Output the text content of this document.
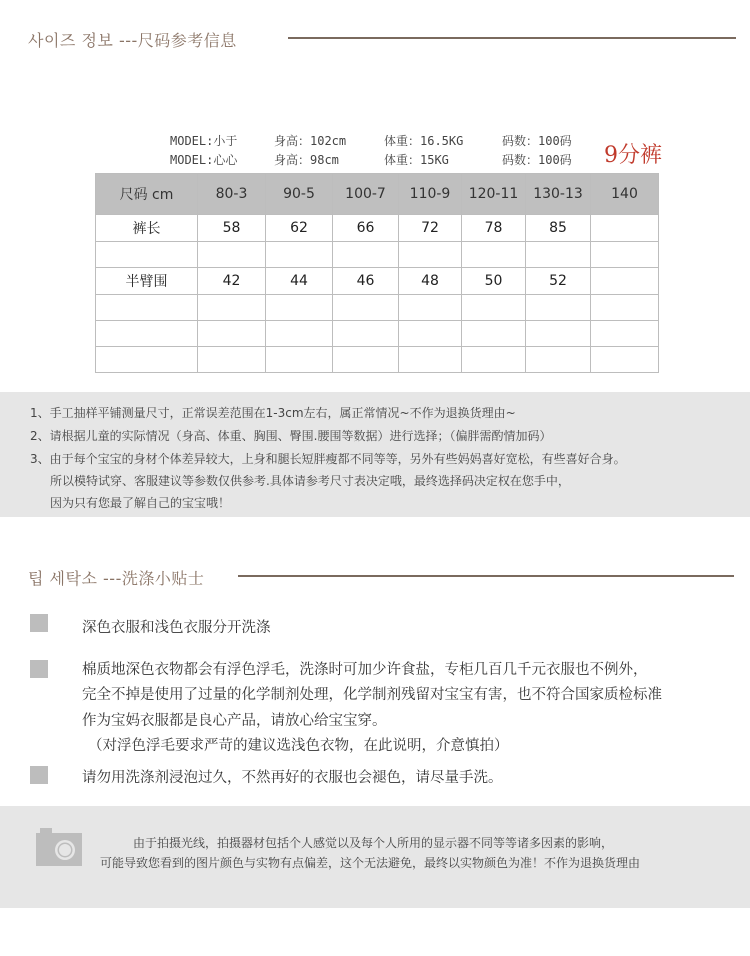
사이즈 정보 ---尺码参考信息
MODEL:小于	身高：102cm	体重：16.5KG	码数：100码
MODEL:心心	身高：98cm	体重：15KG	码数：100码 9分裤
尺码 cm	80-3	90-5	100-7	110-9	120-11	130-13	140
裤长	58	62	66	72	78	85	

半臂围	42	44	46	48	50	52	

1、手工抽样平铺测量尺寸，正常误差范围在1-3cm左右，属正常情况~不作为退换货理由~

2、请根据儿童的实际情况（身高、体重、胸围、臀围.腰围等数据）进行选择；（偏胖需酌情加码）

3、由于每个宝宝的身材个体差异较大，上身和腿长短胖瘦都不同等等，另外有些妈妈喜好宽松，有些喜好合身。

所以模特试穿、客服建议等参数仅供参考.具体请参考尺寸表决定哦，最终选择码决定权在您手中，

因为只有您最了解自己的宝宝哦！

팁 세탁소 ---洗涤小贴士
深色衣服和浅色衣服分开洗涤
棉质地深色衣物都会有浮色浮毛，洗涤时可加少许食盐，专柜几百几千元衣服也不例外，
完全不掉是使用了过量的化学制剂处理，化学制剂残留对宝宝有害，也不符合国家质检标准
作为宝妈衣服都是良心产品，请放心给宝宝穿。
（对浮色浮毛要求严苛的建议选浅色衣物，在此说明，介意慎拍）
请勿用洗涤剂浸泡过久，不然再好的衣服也会褪色，请尽量手洗。

由于拍摄光线，拍摄器材包括个人感觉以及每个人所用的显示器不同等等诸多因素的影响，

可能导致您看到的图片颜色与实物有点偏差，这个无法避免，最终以实物颜色为准！不作为退换货理由
